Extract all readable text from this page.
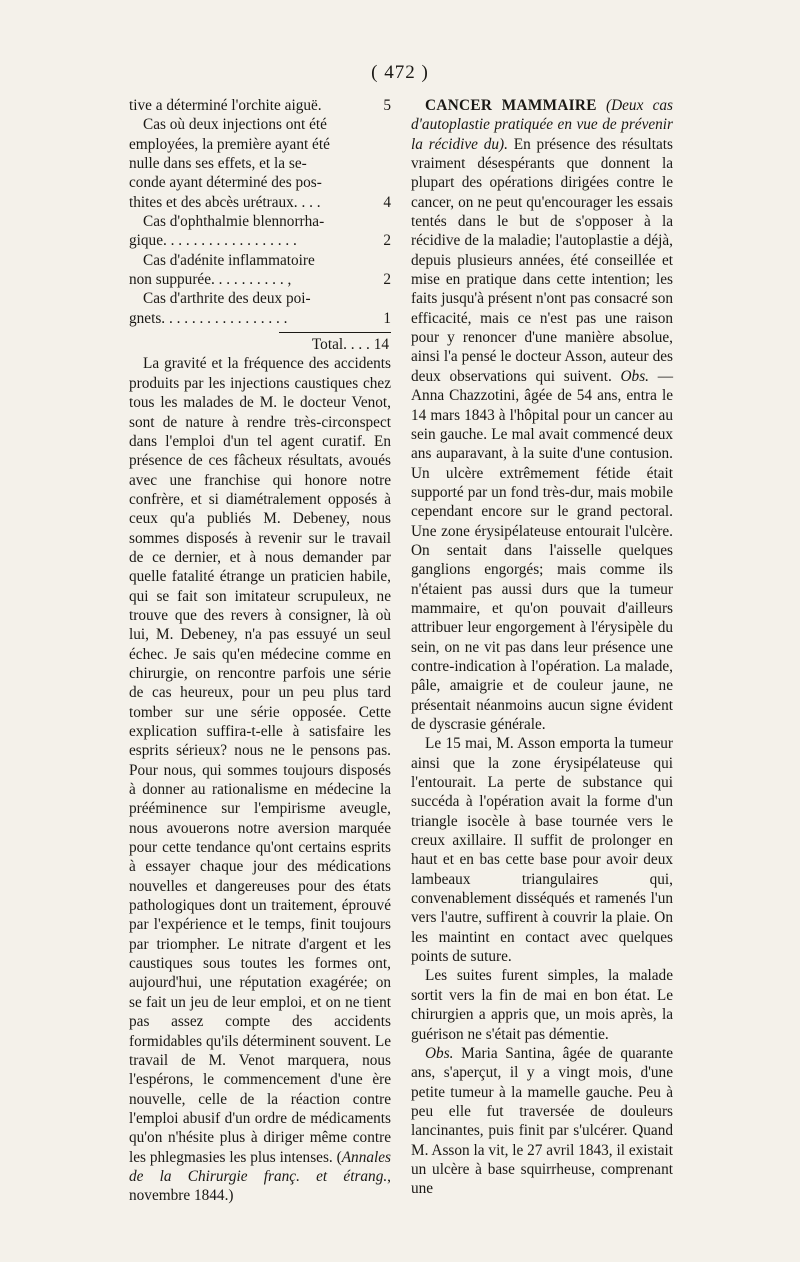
( 472 )
tive a déterminé l'orchite aiguë.	5
Cas où deux injections ont été
employées, la première ayant été
nulle dans ses effets, et la se-
conde ayant déterminé des pos-
thites et des abcès urétraux. . . .	4
Cas d'ophthalmie blennorrha-
gique. . . . . . . . . . . . . . . . . .	2
Cas d'adénite inflammatoire
non suppurée. . . . . . . . . . ,	2
Cas d'arthrite des deux poi-
gnets. . . . . . . . . . . . . . . . .	1
Total. . . . 14

La gravité et la fréquence des accidents produits par les injections caustiques chez tous les malades de M. le docteur Venot, sont de nature à rendre très-circonspect dans l'emploi d'un tel agent curatif. En présence de ces fâcheux résultats, avoués avec une franchise qui honore notre confrère, et si diamétralement opposés à ceux qu'a publiés M. Debeney, nous sommes disposés à revenir sur le travail de ce dernier, et à nous demander par quelle fatalité étrange un praticien habile, qui se fait son imitateur scrupuleux, ne trouve que des revers à consigner, là où lui, M. Debeney, n'a pas essuyé un seul échec. Je sais qu'en médecine comme en chirurgie, on rencontre parfois une série de cas heureux, pour un peu plus tard tomber sur une série opposée. Cette explication suffira-t-elle à satisfaire les esprits sérieux? nous ne le pensons pas. Pour nous, qui sommes toujours disposés à donner au rationalisme en médecine la prééminence sur l'empirisme aveugle, nous avouerons notre aversion marquée pour cette tendance qu'ont certains esprits à essayer chaque jour des médications nouvelles et dangereuses pour des états pathologiques dont un traitement, éprouvé par l'expérience et le temps, finit toujours par triompher. Le nitrate d'argent et les caustiques sous toutes les formes ont, aujourd'hui, une réputation exagérée; on se fait un jeu de leur emploi, et on ne tient pas assez compte des accidents formidables qu'ils déterminent souvent. Le travail de M. Venot marquera, nous l'espérons, le commencement d'une ère nouvelle, celle de la réaction contre l'emploi abusif d'un ordre de médicaments qu'on n'hésite plus à diriger même contre les phlegmasies les plus intenses. (Annales de la Chirurgie franç. et étrang., novembre 1844.)

CANCER MAMMAIRE (Deux cas d'autoplastie pratiquée en vue de prévenir la récidive du). En présence des résultats vraiment désespérants que donnent la plupart des opérations dirigées contre le cancer, on ne peut qu'encourager les essais tentés dans le but de s'opposer à la récidive de la maladie; l'autoplastie a déjà, depuis plusieurs années, été conseillée et mise en pratique dans cette intention; les faits jusqu'à présent n'ont pas consacré son efficacité, mais ce n'est pas une raison pour y renoncer d'une manière absolue, ainsi l'a pensé le docteur Asson, auteur des deux observations qui suivent. Obs. — Anna Chazzotini, âgée de 54 ans, entra le 14 mars 1843 à l'hôpital pour un cancer au sein gauche. Le mal avait commencé deux ans auparavant, à la suite d'une contusion. Un ulcère extrêmement fétide était supporté par un fond très-dur, mais mobile cependant encore sur le grand pectoral. Une zone érysipélateuse entourait l'ulcère. On sentait dans l'aisselle quelques ganglions engorgés; mais comme ils n'étaient pas aussi durs que la tumeur mammaire, et qu'on pouvait d'ailleurs attribuer leur engorgement à l'érysipèle du sein, on ne vit pas dans leur présence une contre-indication à l'opération. La malade, pâle, amaigrie et de couleur jaune, ne présentait néanmoins aucun signe évident de dyscrasie générale.

Le 15 mai, M. Asson emporta la tumeur ainsi que la zone érysipélateuse qui l'entourait. La perte de substance qui succéda à l'opération avait la forme d'un triangle isocèle à base tournée vers le creux axillaire. Il suffit de prolonger en haut et en bas cette base pour avoir deux lambeaux triangulaires qui, convenablement disséqués et ramenés l'un vers l'autre, suffirent à couvrir la plaie. On les maintint en contact avec quelques points de suture.

Les suites furent simples, la malade sortit vers la fin de mai en bon état. Le chirurgien a appris que, un mois après, la guérison ne s'était pas démentie.

Obs. Maria Santina, âgée de quarante ans, s'aperçut, il y a vingt mois, d'une petite tumeur à la mamelle gauche. Peu à peu elle fut traversée de douleurs lancinantes, puis finit par s'ulcérer. Quand M. Asson la vit, le 27 avril 1843, il existait un ulcère à base squirrheuse, comprenant une
